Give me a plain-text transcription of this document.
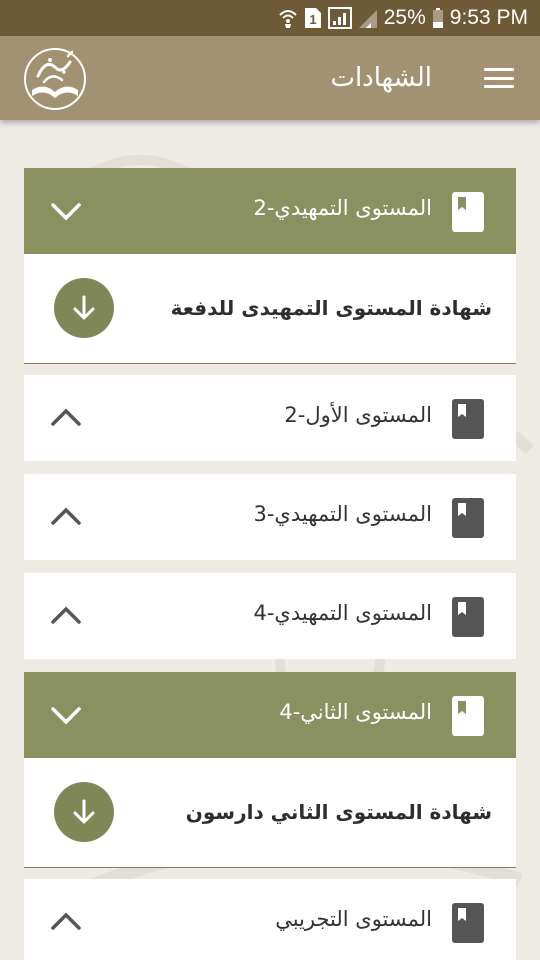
1	25% 9:53 PM
الشهادات
المستوى التمهيدي-2
شهادة المستوى التمهيدى للدفعة
المستوى الأول-2
المستوى التمهيدي-3
المستوى التمهيدي-4
المستوى الثاني-4
شهادة المستوى الثاني دارسون
المستوى التجريبي
